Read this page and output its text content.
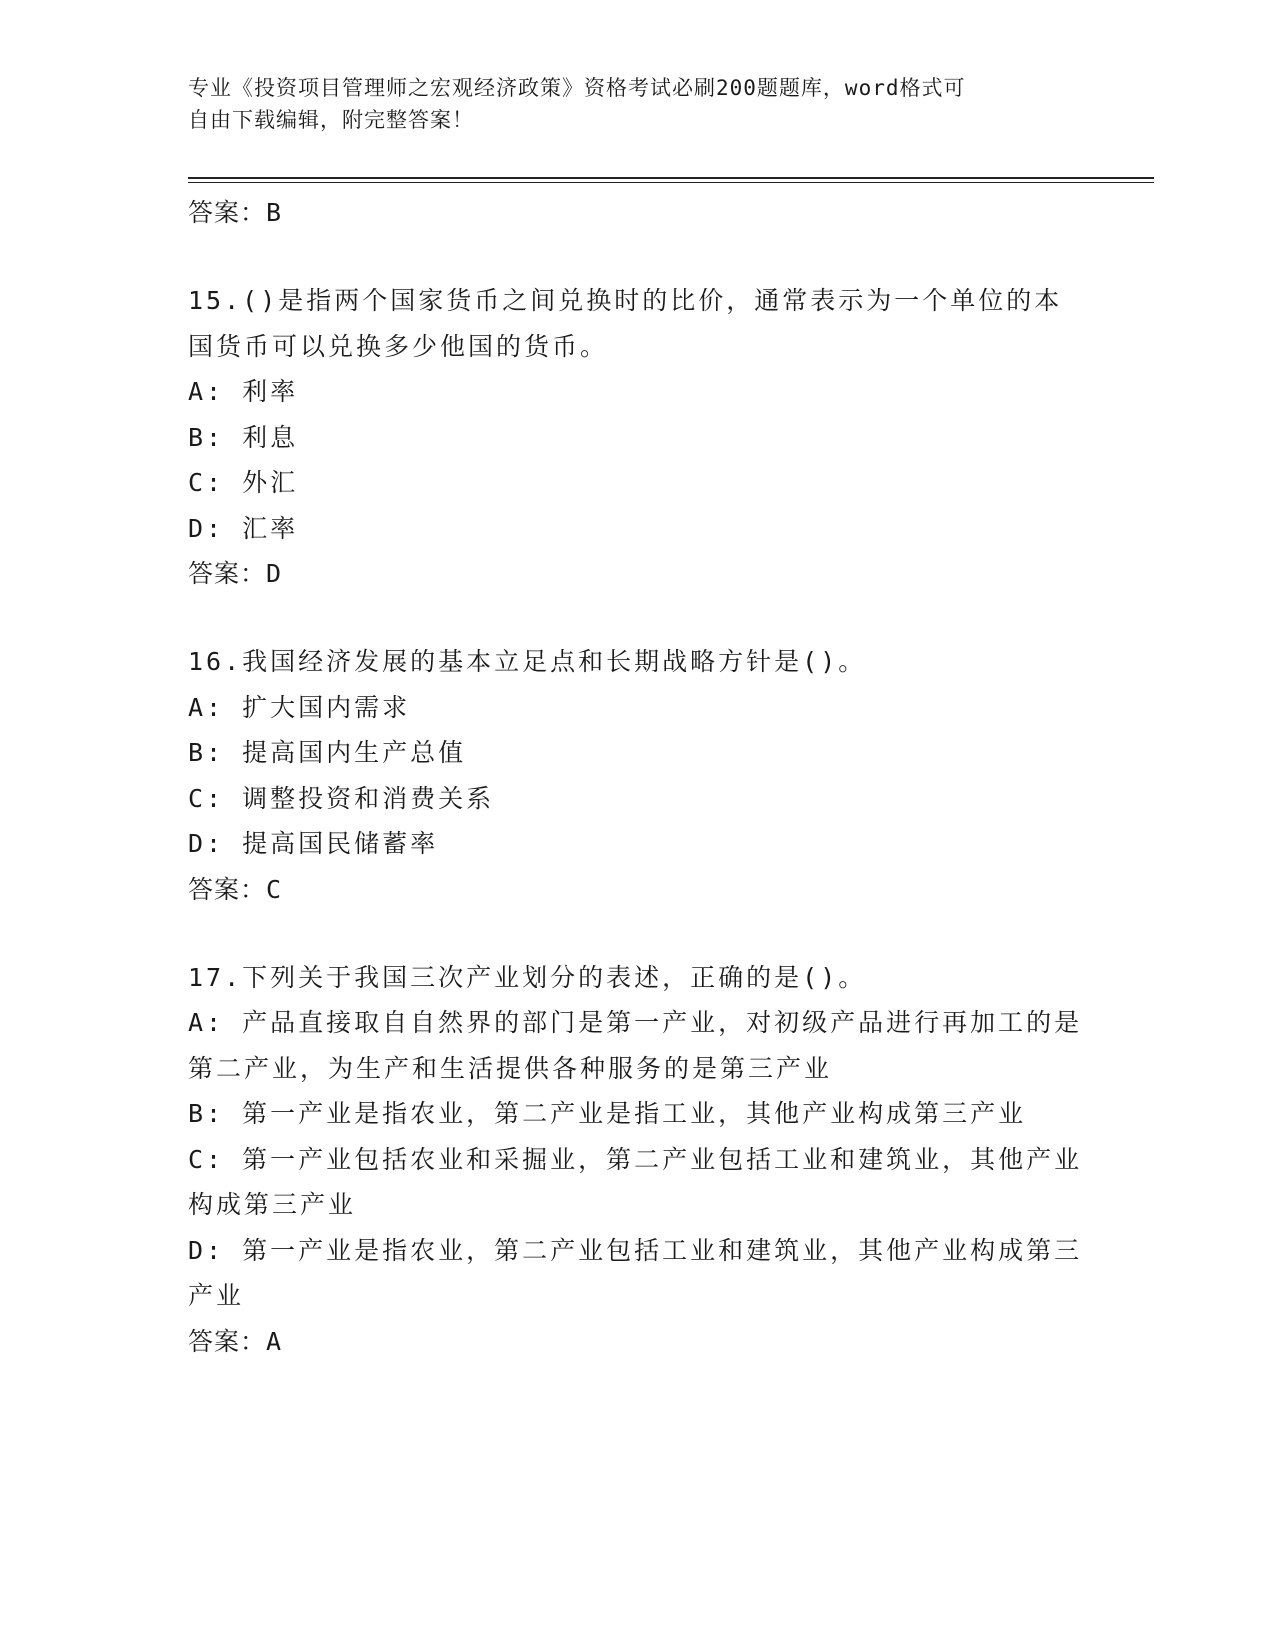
专业《投资项目管理师之宏观经济政策》资格考试必刷200题题库，word格式可
自由下载编辑，附完整答案！
答案：B

15.()是指两个国家货币之间兑换时的比价，通常表示为一个单位的本国货币可以兑换多少他国的货币。

A: 利率

B: 利息

C: 外汇

D: 汇率

答案：D

16.我国经济发展的基本立足点和长期战略方针是()。

A: 扩大国内需求

B: 提高国内生产总值

C: 调整投资和消费关系

D: 提高国民储蓄率

答案：C

17.下列关于我国三次产业划分的表述，正确的是()。

A: 产品直接取自自然界的部门是第一产业，对初级产品进行再加工的是第二产业，为生产和生活提供各种服务的是第三产业

B: 第一产业是指农业，第二产业是指工业，其他产业构成第三产业

C: 第一产业包括农业和采掘业，第二产业包括工业和建筑业，其他产业构成第三产业

D: 第一产业是指农业，第二产业包括工业和建筑业，其他产业构成第三产业

答案：A
